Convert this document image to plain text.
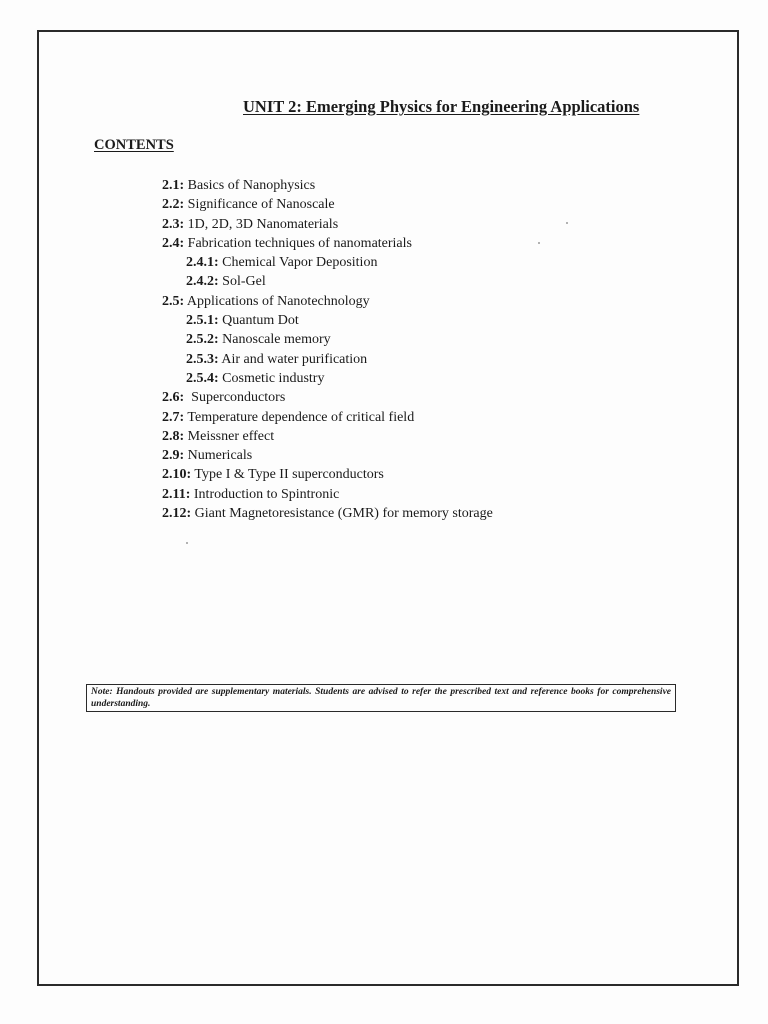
UNIT 2: Emerging Physics for Engineering Applications
CONTENTS
2.1: Basics of Nanophysics
2.2: Significance of Nanoscale
2.3: 1D, 2D, 3D Nanomaterials
2.4: Fabrication techniques of nanomaterials
2.4.1: Chemical Vapor Deposition
2.4.2: Sol-Gel
2.5: Applications of Nanotechnology
2.5.1: Quantum Dot
2.5.2: Nanoscale memory
2.5.3: Air and water purification
2.5.4: Cosmetic industry
2.6:  Superconductors
2.7: Temperature dependence of critical field
2.8: Meissner effect
2.9: Numericals
2.10: Type I & Type II superconductors
2.11: Introduction to Spintronic
2.12: Giant Magnetoresistance (GMR) for memory storage
Note: Handouts provided are supplementary materials. Students are advised to refer the prescribed text and reference books for comprehensive understanding.
